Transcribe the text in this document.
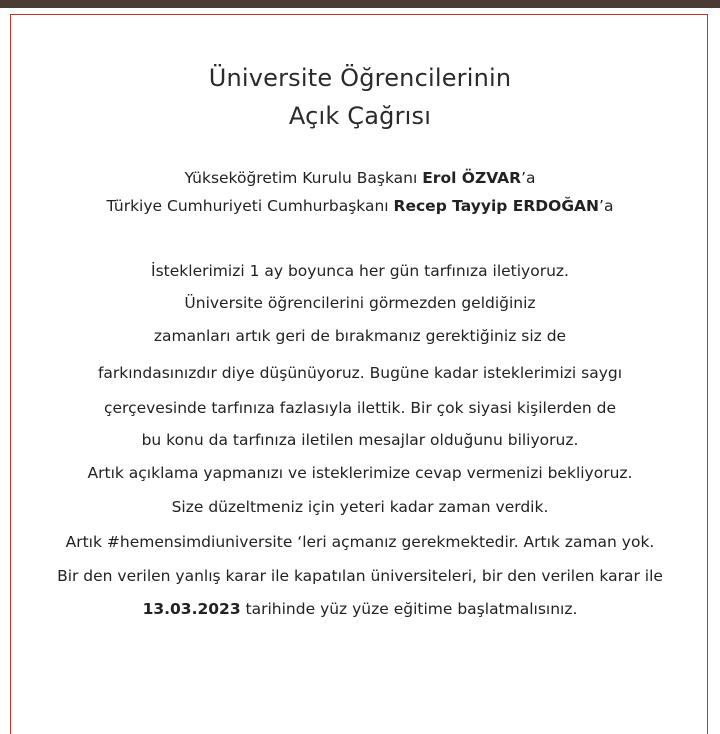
Üniversite Öğrencilerinin
Açık Çağrısı
Yükseköğretim Kurulu Başkanı Erol ÖZVAR’a
Türkiye Cumhuriyeti Cumhurbaşkanı Recep Tayyip ERDOĞAN’a
İsteklerimizi 1 ay boyunca her gün tarfınıza iletiyoruz.
Üniversite öğrencilerini görmezden geldiğiniz
zamanları artık geri de bırakmanız gerektiğiniz siz de
farkındasınızdır diye düşünüyoruz. Bugüne kadar isteklerimizi saygı
çerçevesinde tarfınıza fazlasıyla ilettik. Bir çok siyasi kişilerden de
bu konu da tarfınıza iletilen mesajlar olduğunu biliyoruz.
Artık açıklama yapmanızı ve isteklerimize cevap vermenizi bekliyoruz.
Size düzeltmeniz için yeteri kadar zaman verdik.
Artık #hemensimdiuniversite ‘leri açmanız gerekmektedir. Artık zaman yok.
Bir den verilen yanlış karar ile kapatılan üniversiteleri, bir den verilen karar ile
13.03.2023 tarihinde yüz yüze eğitime başlatmalısınız.
